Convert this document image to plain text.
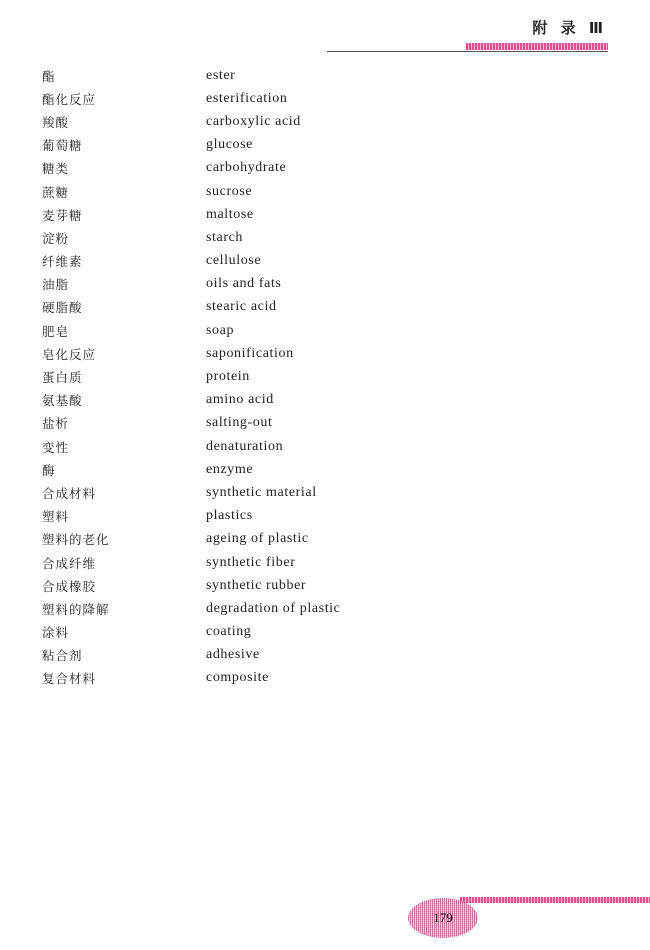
附 录 Ⅲ
酯	ester
酯化反应	esterification
羧酸	carboxylic acid
葡萄糖	glucose
糖类	carbohydrate
蔗糖	sucrose
麦芽糖	maltose
淀粉	starch
纤维素	cellulose
油脂	oils and fats
硬脂酸	stearic acid
肥皂	soap
皂化反应	saponification
蛋白质	protein
氨基酸	amino acid
盐析	salting-out
变性	denaturation
酶	enzyme
合成材料	synthetic material
塑料	plastics
塑料的老化	ageing of plastic
合成纤维	synthetic fiber
合成橡胶	synthetic rubber
塑料的降解	degradation of plastic
涂料	coating
粘合剂	adhesive
复合材料	composite
179
